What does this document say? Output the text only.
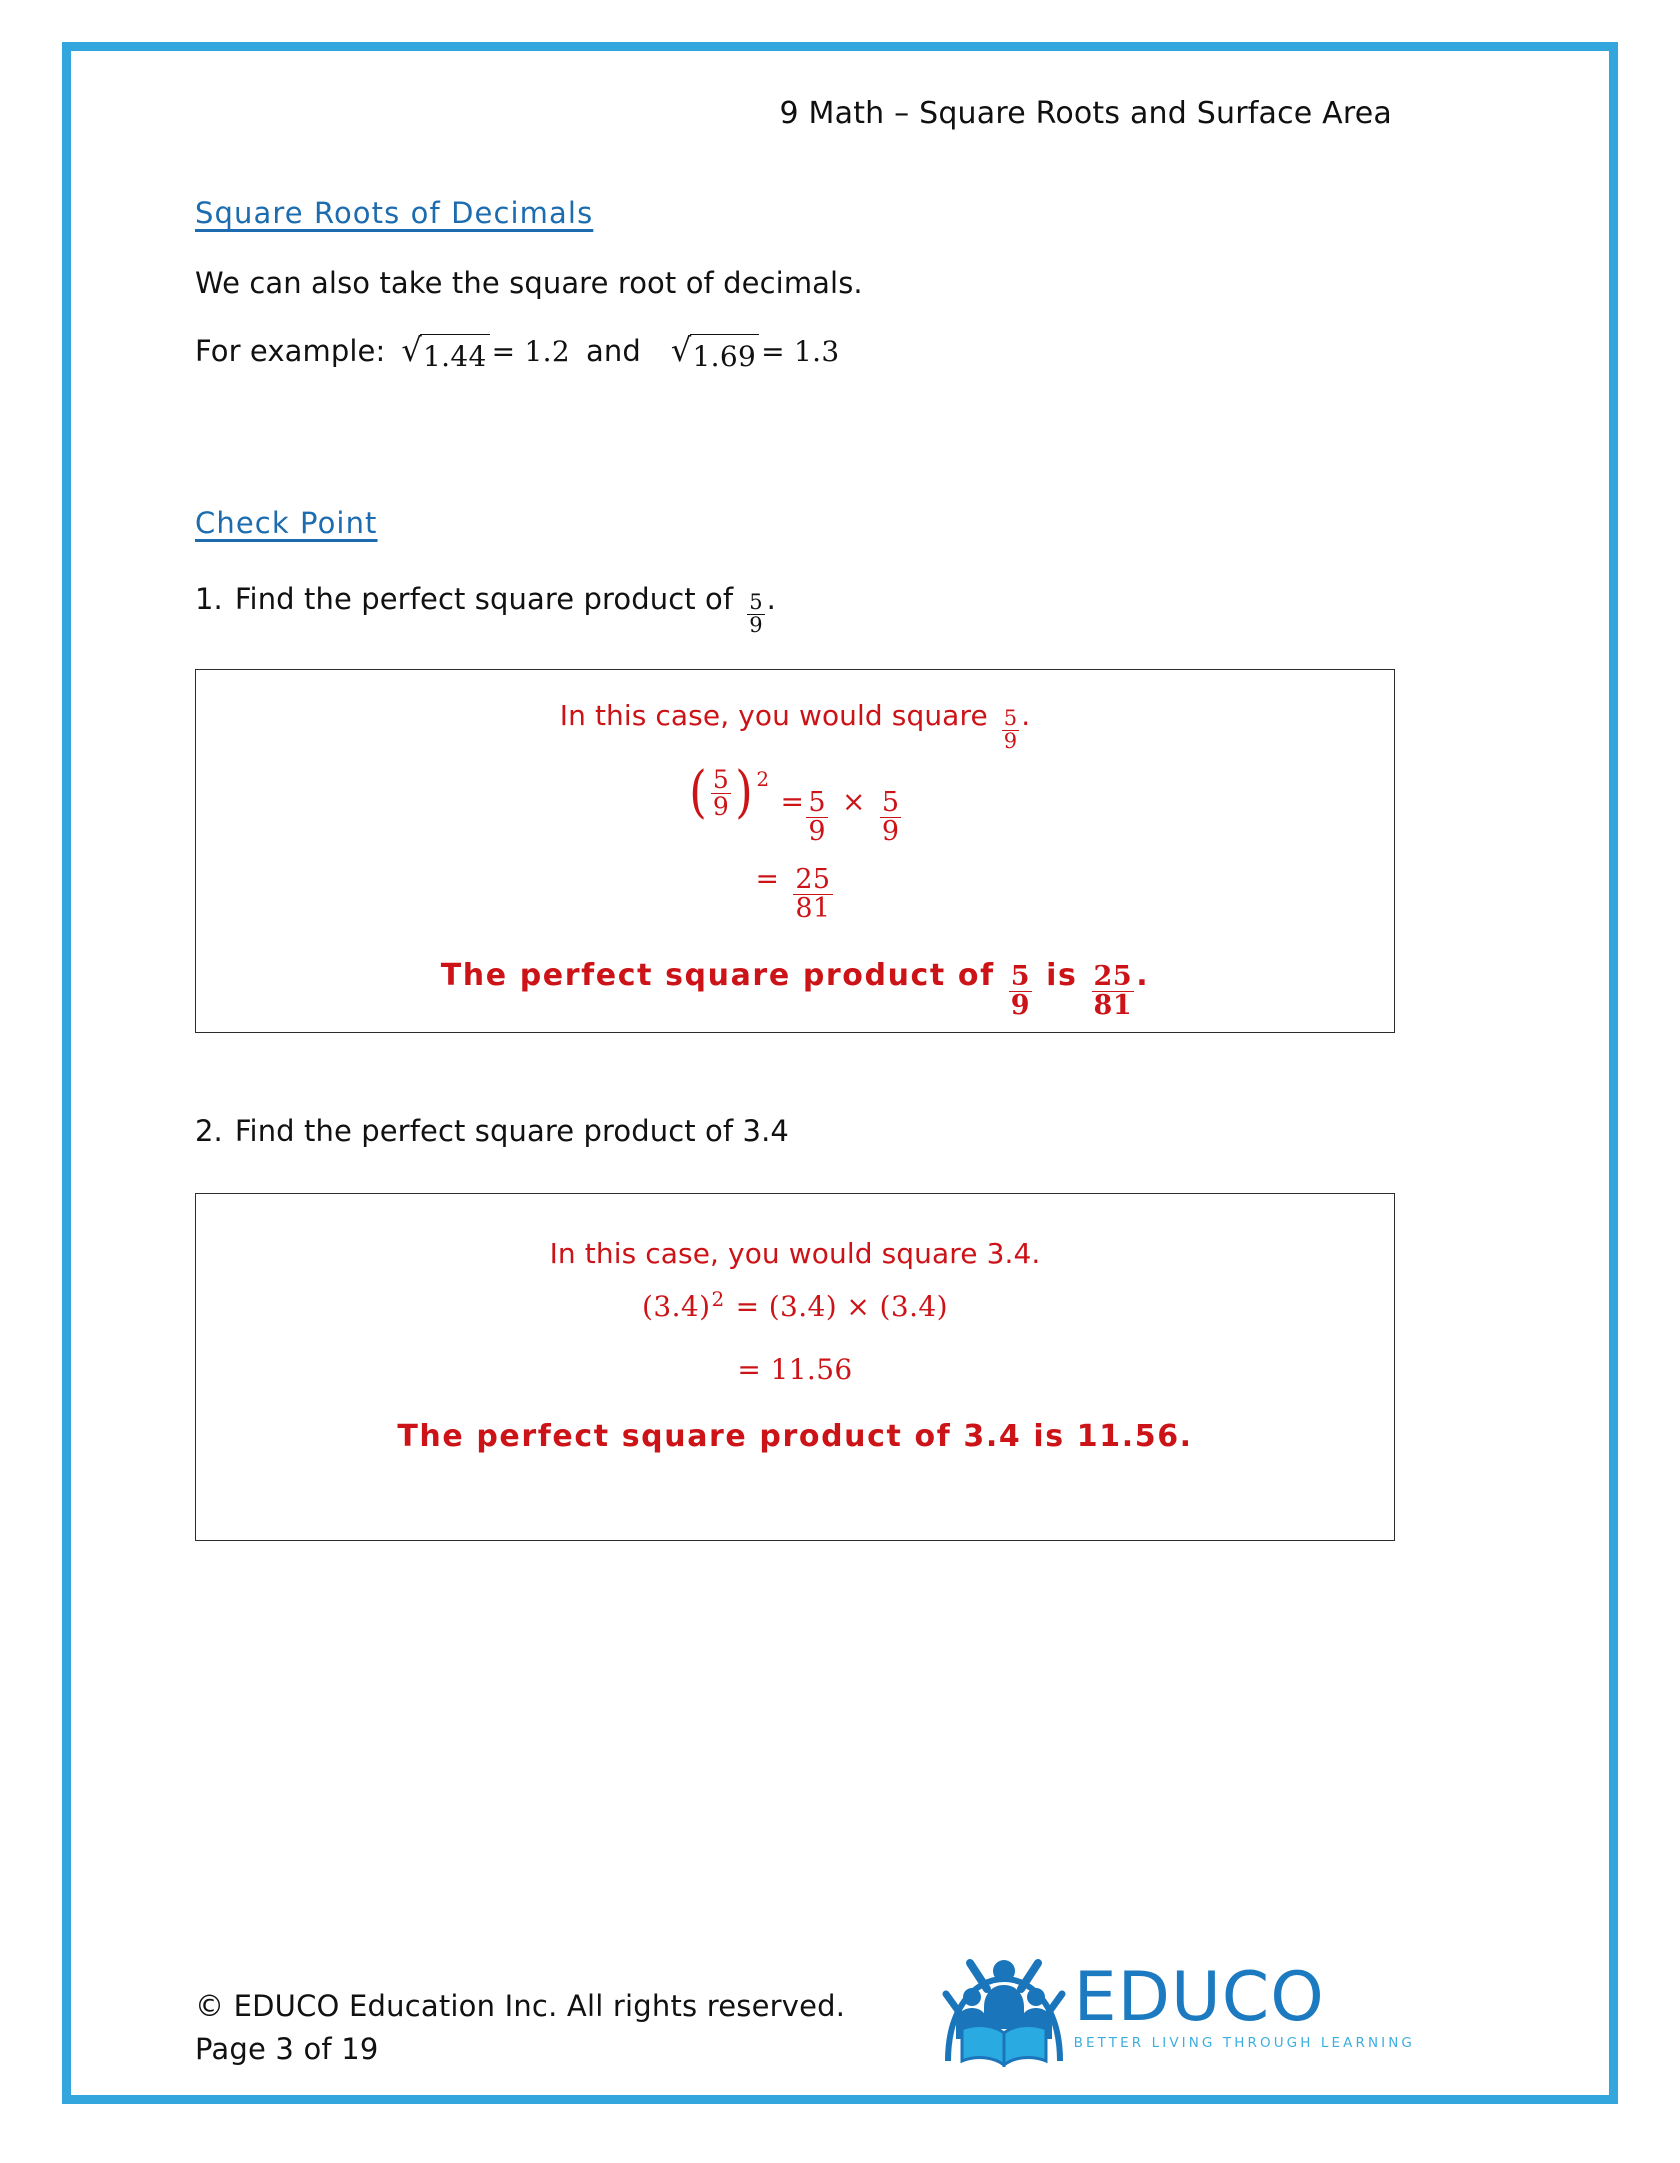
9 Math – Square Roots and Surface Area
Square Roots of Decimals
We can also take the square root of decimals.
For example: √ 1.44 = 1.2 and √ 1.69 = 1.3
Check Point
1. Find the perfect square product of $\frac{5}{9}$ .
In this case, you would square $\frac{5}{9}$ .
( $\frac{5}{9}$ ) 2
= $\frac{5}{9} \times \frac{5}{9}$
= $\frac{25}{81}$
The perfect square product of $\frac{5}{9}$ is $\frac{25}{81}$ .
2. Find the perfect square product of 3.4
In this case, you would square 3.4.
(3.4) 2 = (3.4) × (3.4)
= 11.56
The perfect square product of 3.4 is 11.56.
© EDUCO Education Inc. All rights reserved.
Page 3 of 19
EDUCO
BETTER LIVING THROUGH LEARNING
